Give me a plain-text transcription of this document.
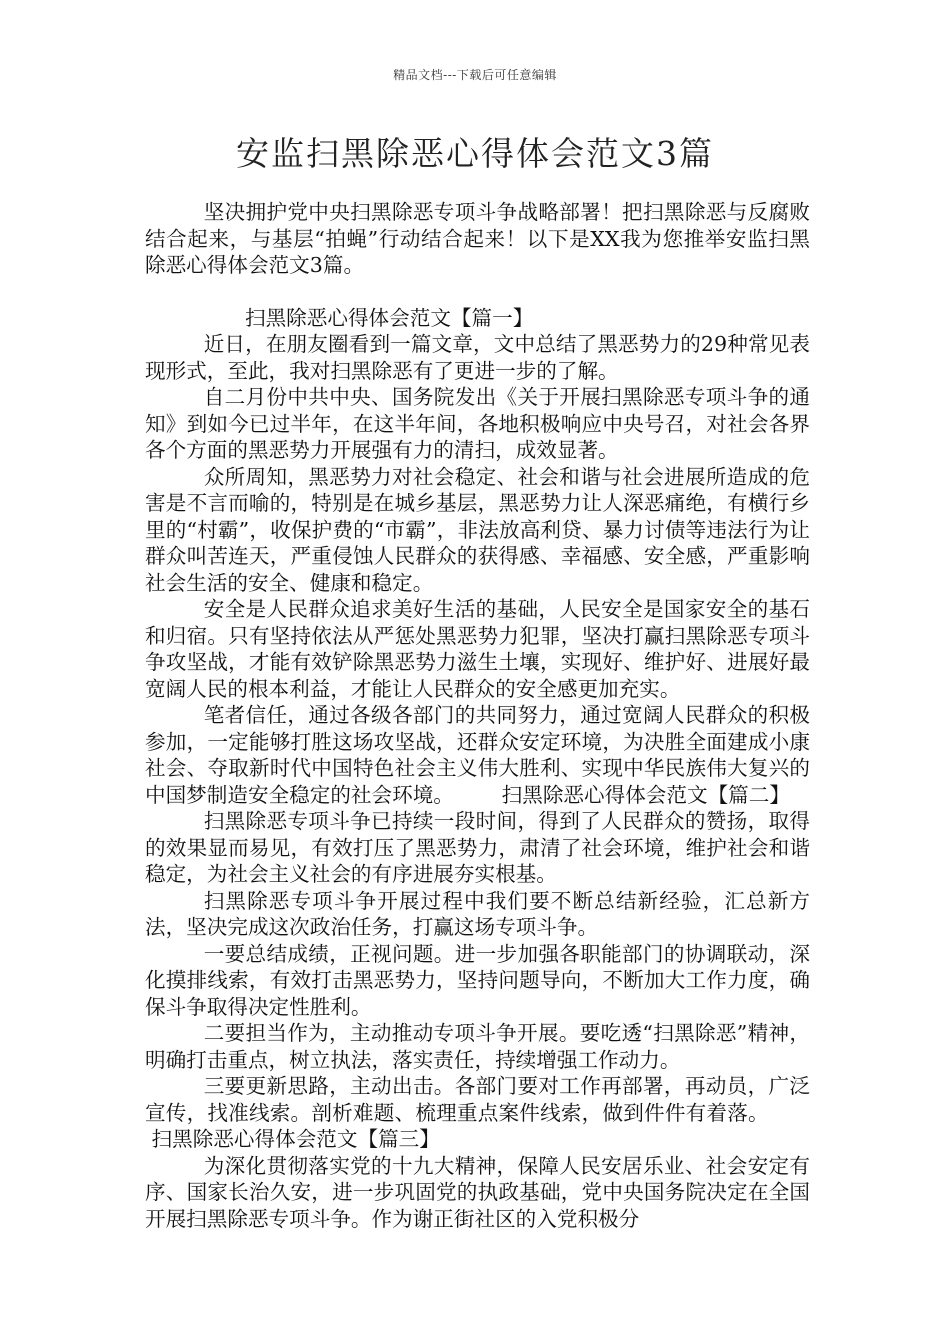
精品文档---下载后可任意编辑
安监扫黑除恶心得体会范文3篇

坚决拥护党中央扫黑除恶专项斗争战略部署！把扫黑除恶与反腐败结合起来，与基层“拍蝇”行动结合起来！以下是XX我为您推举安监扫黑除恶心得体会范文3篇。

扫黑除恶心得体会范文【篇一】

近日，在朋友圈看到一篇文章，文中总结了黑恶势力的29种常见表现形式，至此，我对扫黑除恶有了更进一步的了解。

自二月份中共中央、国务院发出《关于开展扫黑除恶专项斗争的通知》到如今已过半年，在这半年间，各地积极响应中央号召，对社会各界各个方面的黑恶势力开展强有力的清扫，成效显著。

众所周知，黑恶势力对社会稳定、社会和谐与社会进展所造成的危害是不言而喻的，特别是在城乡基层，黑恶势力让人深恶痛绝，有横行乡里的“村霸”，收保护费的“市霸”，非法放高利贷、暴力讨债等违法行为让群众叫苦连天，严重侵蚀人民群众的获得感、幸福感、安全感，严重影响社会生活的安全、健康和稳定。

安全是人民群众追求美好生活的基础，人民安全是国家安全的基石和归宿。只有坚持依法从严惩处黑恶势力犯罪，坚决打赢扫黑除恶专项斗争攻坚战，才能有效铲除黑恶势力滋生土壤，实现好、维护好、进展好最宽阔人民的根本利益，才能让人民群众的安全感更加充实。

笔者信任，通过各级各部门的共同努力，通过宽阔人民群众的积极参加，一定能够打胜这场攻坚战，还群众安定环境，为决胜全面建成小康社会、夺取新时代中国特色社会主义伟大胜利、实现中华民族伟大复兴的中国梦制造安全稳定的社会环境。   扫黑除恶心得体会范文【篇二】

扫黑除恶专项斗争已持续一段时间，得到了人民群众的赞扬，取得的效果显而易见，有效打压了黑恶势力，肃清了社会环境，维护社会和谐稳定，为社会主义社会的有序进展夯实根基。

扫黑除恶专项斗争开展过程中我们要不断总结新经验，汇总新方法，坚决完成这次政治任务，打赢这场专项斗争。

一要总结成绩，正视问题。进一步加强各职能部门的协调联动，深化摸排线索，有效打击黑恶势力，坚持问题导向，不断加大工作力度，确保斗争取得决定性胜利。

二要担当作为，主动推动专项斗争开展。要吃透“扫黑除恶”精神，明确打击重点，树立执法，落实责任，持续增强工作动力。

三要更新思路，主动出击。各部门要对工作再部署，再动员，广泛宣传，找准线索。剖析难题、梳理重点案件线索，做到件件有着落。   扫黑除恶心得体会范文【篇三】

为深化贯彻落实党的十九大精神，保障人民安居乐业、社会安定有序、国家长治久安，进一步巩固党的执政基础，党中央国务院决定在全国开展扫黑除恶专项斗争。作为谢正街社区的入党积极分
